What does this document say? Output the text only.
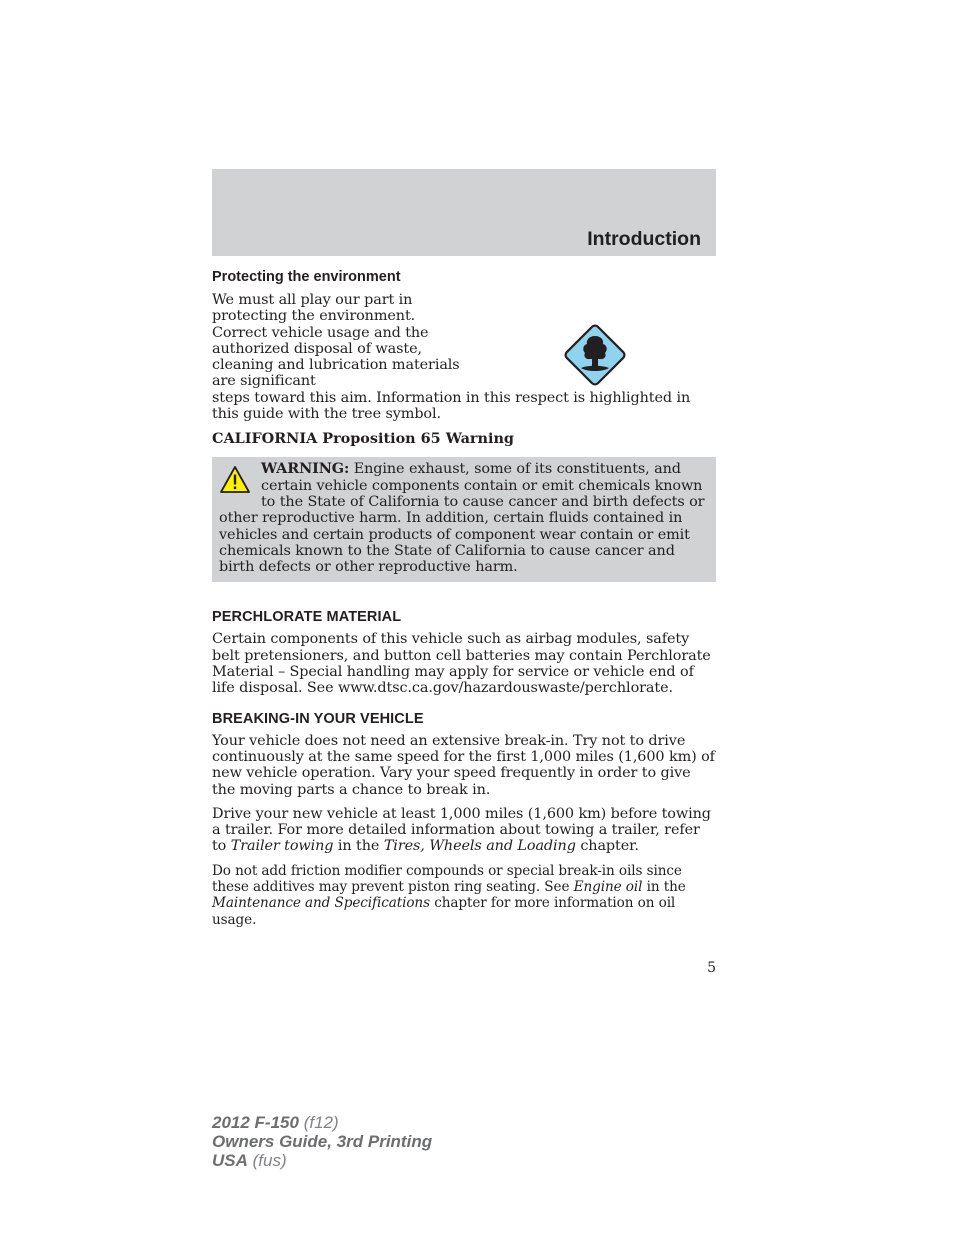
Introduction
Protecting the environment
We must all play our part in protecting the environment. Correct vehicle usage and the authorized disposal of waste, cleaning and lubrication materials are significant
steps toward this aim. Information in this respect is highlighted in this guide with the tree symbol.
CALIFORNIA Proposition 65 Warning

WARNING: Engine exhaust, some of its constituents, and certain vehicle components contain or emit chemicals known to the State of California to cause cancer and birth defects or other reproductive harm. In addition, certain fluids contained in vehicles and certain products of component wear contain or emit chemicals known to the State of California to cause cancer and birth defects or other reproductive harm.

PERCHLORATE MATERIAL

Certain components of this vehicle such as airbag modules, safety belt pretensioners, and button cell batteries may contain Perchlorate Material – Special handling may apply for service or vehicle end of life disposal. See www.dtsc.ca.gov/hazardouswaste/perchlorate.

BREAKING-IN YOUR VEHICLE

Your vehicle does not need an extensive break-in. Try not to drive continuously at the same speed for the first 1,000 miles (1,600 km) of new vehicle operation. Vary your speed frequently in order to give the moving parts a chance to break in.

Drive your new vehicle at least 1,000 miles (1,600 km) before towing a trailer. For more detailed information about towing a trailer, refer to Trailer towing in the Tires, Wheels and Loading chapter.

Do not add friction modifier compounds or special break-in oils since these additives may prevent piston ring seating. See Engine oil in the Maintenance and Specifications chapter for more information on oil usage.

5
2012 F-150 (f12)
Owners Guide, 3rd Printing
USA (fus)
